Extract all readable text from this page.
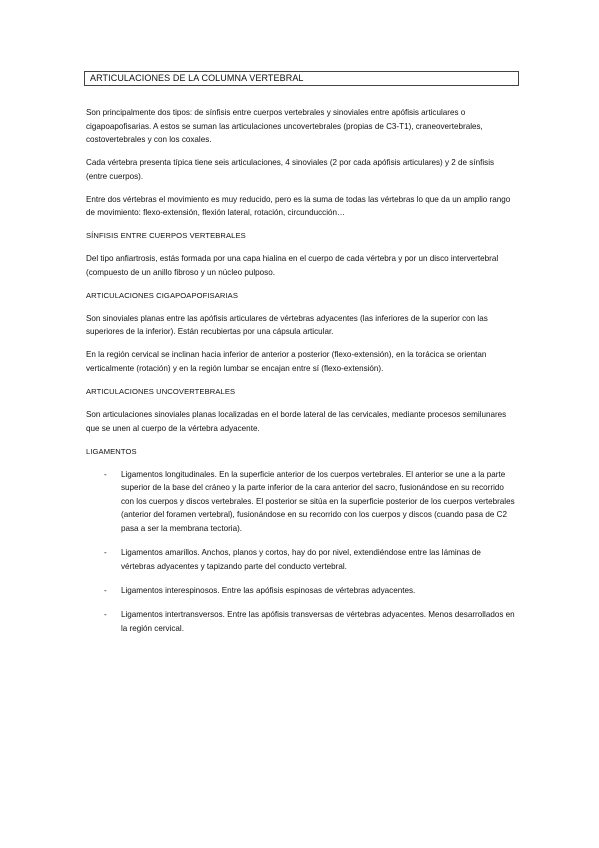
ARTICULACIONES DE LA COLUMNA VERTEBRAL

Son principalmente dos tipos: de sínfisis entre cuerpos vertebrales y sinoviales entre apófisis articulares o cigapoapofisarias. A estos se suman las articulaciones uncovertebrales (propias de C3-T1), craneovertebrales, costovertebrales y con los coxales.

Cada vértebra presenta típica tiene seis articulaciones, 4 sinoviales (2 por cada apófisis articulares) y 2 de sínfisis (entre cuerpos).

Entre dos vértebras el movimiento es muy reducido, pero es la suma de todas las vértebras lo que da un amplio rango de movimiento: flexo-extensión, flexión lateral, rotación, circunducción…

SÍNFISIS ENTRE CUERPOS VERTEBRALES

Del tipo anfiartrosis, estás formada por una capa hialina en el cuerpo de cada vértebra y por un disco intervertebral (compuesto de un anillo fibroso y un núcleo pulposo.

ARTICULACIONES CIGAPOAPOFISARIAS

Son sinoviales planas entre las apófisis articulares de vértebras adyacentes (las inferiores de la superior con las superiores de la inferior). Están recubiertas por una cápsula articular.

En la región cervical se inclinan hacia inferior de anterior a posterior (flexo-extensión), en la torácica se orientan verticalmente (rotación) y en la región lumbar se encajan entre sí (flexo-extensión).

ARTICULACIONES UNCOVERTEBRALES

Son articulaciones sinoviales planas localizadas en el borde lateral de las cervicales, mediante procesos semilunares que se unen al cuerpo de la vértebra adyacente.

LIGAMENTOS
- Ligamentos longitudinales. En la superficie anterior de los cuerpos vertebrales. El anterior se une a la parte superior de la base del cráneo y la parte inferior de la cara anterior del sacro, fusionándose en su recorrido con los cuerpos y discos vertebrales. El posterior se sitúa en la superficie posterior de los cuerpos vertebrales (anterior del foramen vertebral), fusionándose en su recorrido con los cuerpos y discos (cuando pasa de C2 pasa a ser la membrana tectoria).
- Ligamentos amarillos. Anchos, planos y cortos, hay do por nivel, extendiéndose entre las láminas de vértebras adyacentes y tapizando parte del conducto vertebral.
- Ligamentos interespinosos. Entre las apófisis espinosas de vértebras adyacentes.
- Ligamentos intertransversos. Entre las apófisis transversas de vértebras adyacentes. Menos desarrollados en la región cervical.
